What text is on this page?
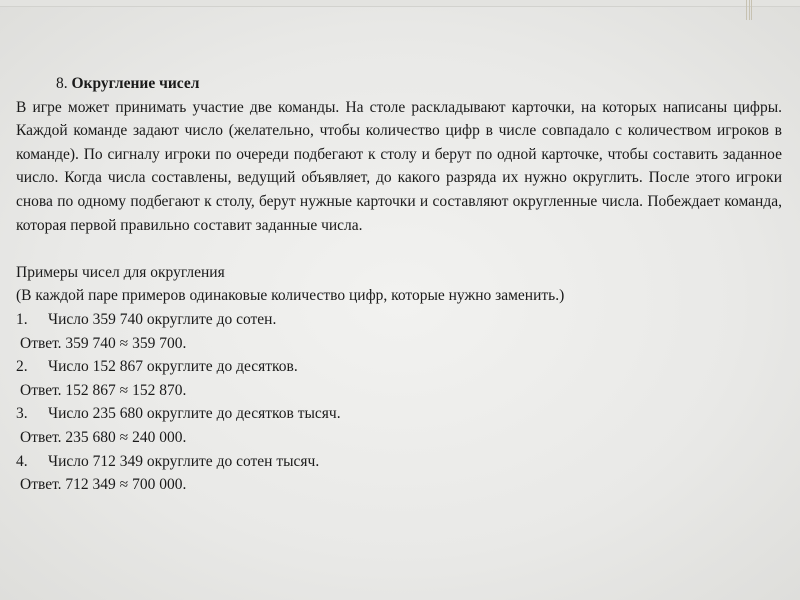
8. Округление чисел
В игре может принимать участие две команды. На столе раскладывают карточки, на которых написаны цифры. Каждой команде задают число (желательно, чтобы количество цифр в числе совпадало с количеством игроков в команде). По сигналу игроки по очереди подбегают к столу и берут по одной карточке, чтобы составить заданное число. Когда числа составлены, ведущий объявляет, до какого разряда их нужно округлить. После этого игроки снова по одному подбегают к столу, берут нужные карточки и составляют округленные числа. Побеждает команда, которая первой правильно составит заданные числа.
Примеры чисел для округления
(В каждой паре примеров одинаковые количество цифр, которые нужно заменить.)
1.	Число 359 740 округлите до сотен.
Ответ. 359 740 ≈ 359 700.
2.	Число 152 867 округлите до десятков.
Ответ. 152 867 ≈ 152 870.
3.	Число 235 680 округлите до десятков тысяч.
Ответ. 235 680 ≈ 240 000.
4.	Число 712 349 округлите до сотен тысяч.
Ответ. 712 349 ≈ 700 000.
